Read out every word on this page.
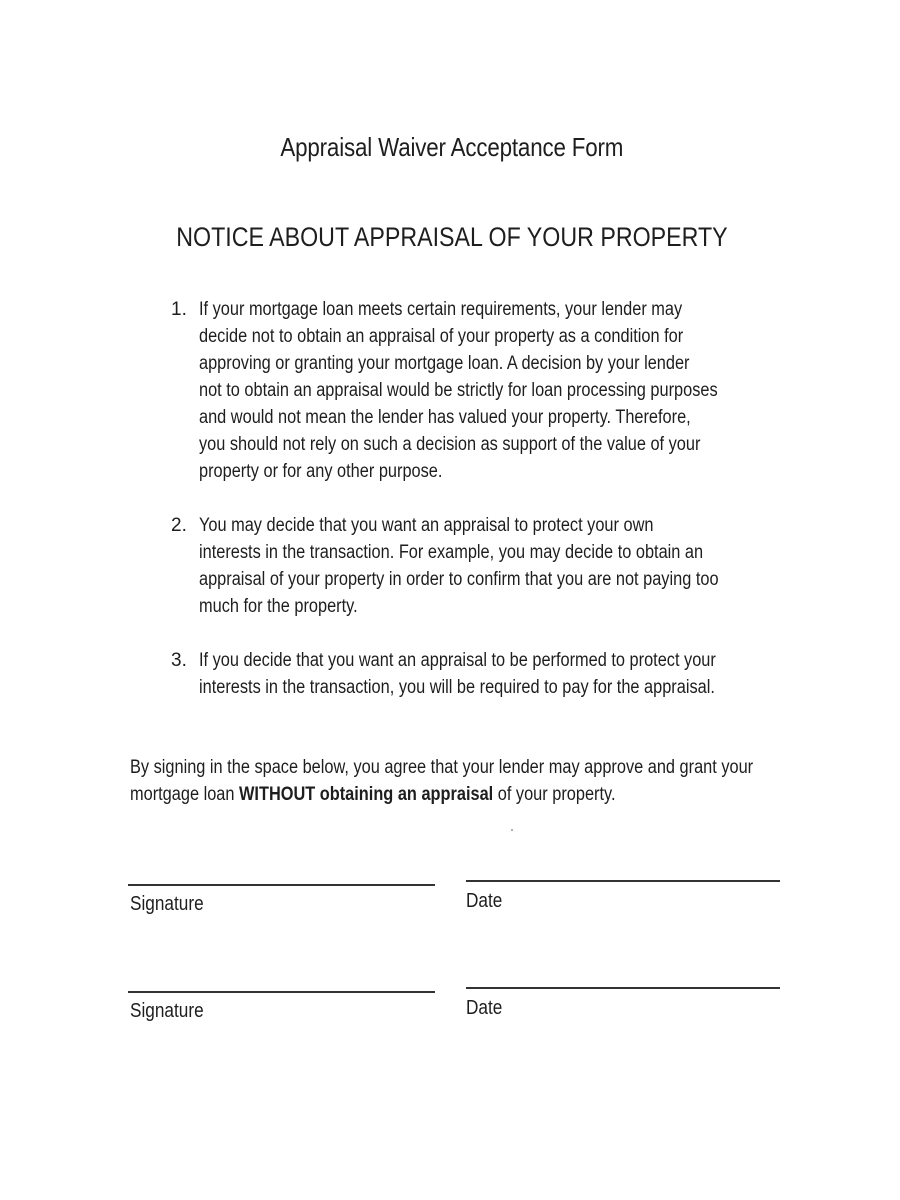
Appraisal Waiver Acceptance Form
NOTICE ABOUT APPRAISAL OF YOUR PROPERTY
1. If your mortgage loan meets certain requirements, your lender may
decide not to obtain an appraisal of your property as a condition for
approving or granting your mortgage loan. A decision by your lender
not to obtain an appraisal would be strictly for loan processing purposes
and would not mean the lender has valued your property. Therefore,
you should not rely on such a decision as support of the value of your
property or for any other purpose.
2. You may decide that you want an appraisal to protect your own
interests in the transaction. For example, you may decide to obtain an
appraisal of your property in order to confirm that you are not paying too
much for the property.
3. If you decide that you want an appraisal to be performed to protect your
interests in the transaction, you will be required to pay for the appraisal.
By signing in the space below, you agree that your lender may approve and grant your
mortgage loan WITHOUT obtaining an appraisal of your property.
Signature	Date
Signature	Date
